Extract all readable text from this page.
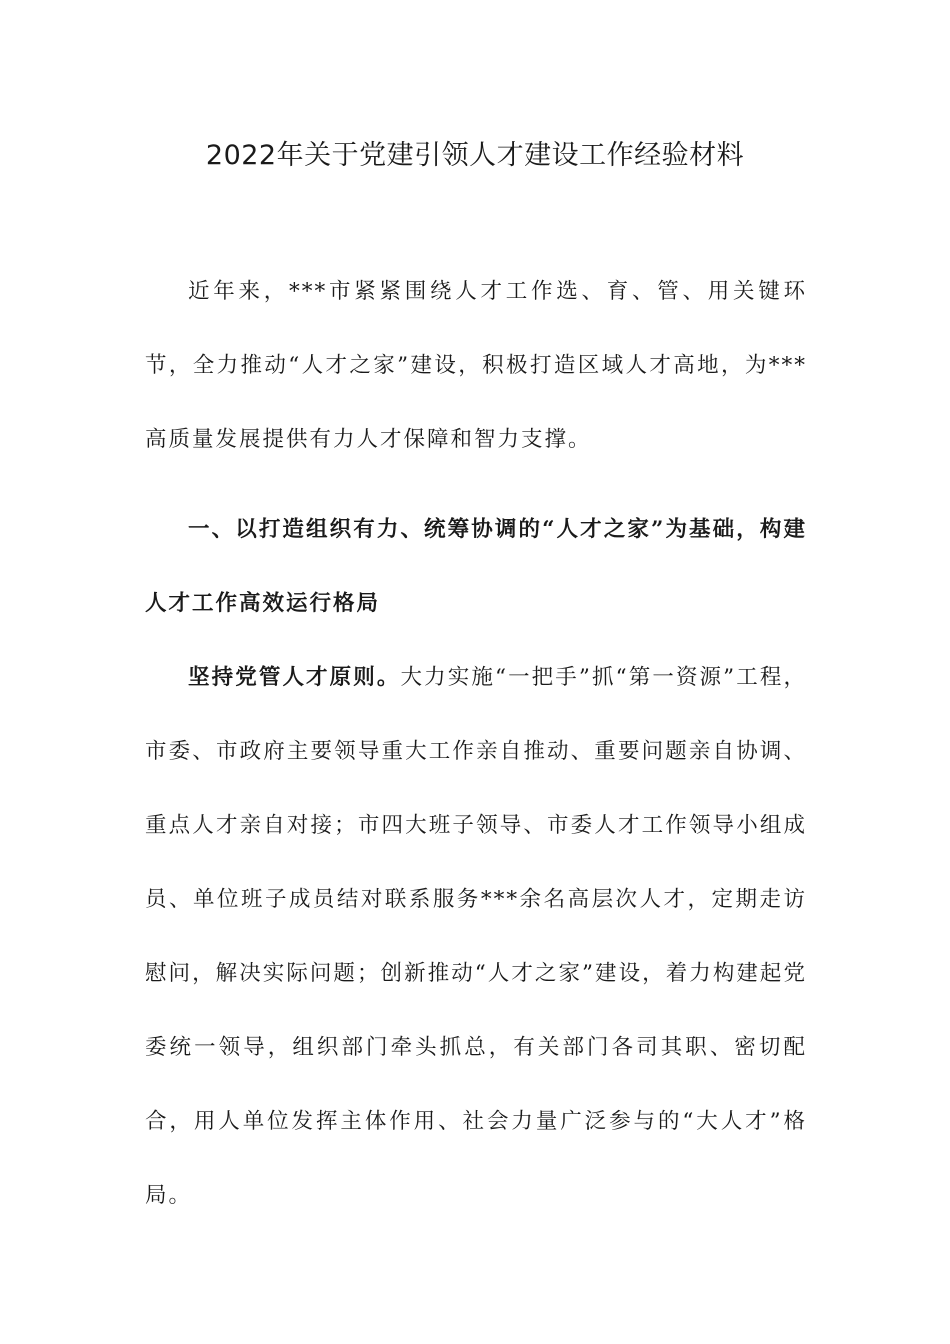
2022年关于党建引领人才建设工作经验材料

近年来，***市紧紧围绕人才工作选、育、管、用关键环节，全力推动“人才之家”建设，积极打造区域人才高地，为***高质量发展提供有力人才保障和智力支撑。

一、以打造组织有力、统筹协调的“人才之家”为基础，构建人才工作高效运行格局

坚持党管人才原则。大力实施“一把手”抓“第一资源”工程，市委、市政府主要领导重大工作亲自推动、重要问题亲自协调、重点人才亲自对接；市四大班子领导、市委人才工作领导小组成员、单位班子成员结对联系服务***余名高层次人才，定期走访慰问，解决实际问题；创新推动“人才之家”建设，着力构建起党委统一领导，组织部门牵头抓总，有关部门各司其职、密切配合，用人单位发挥主体作用、社会力量广泛参与的“大人才”格局。
